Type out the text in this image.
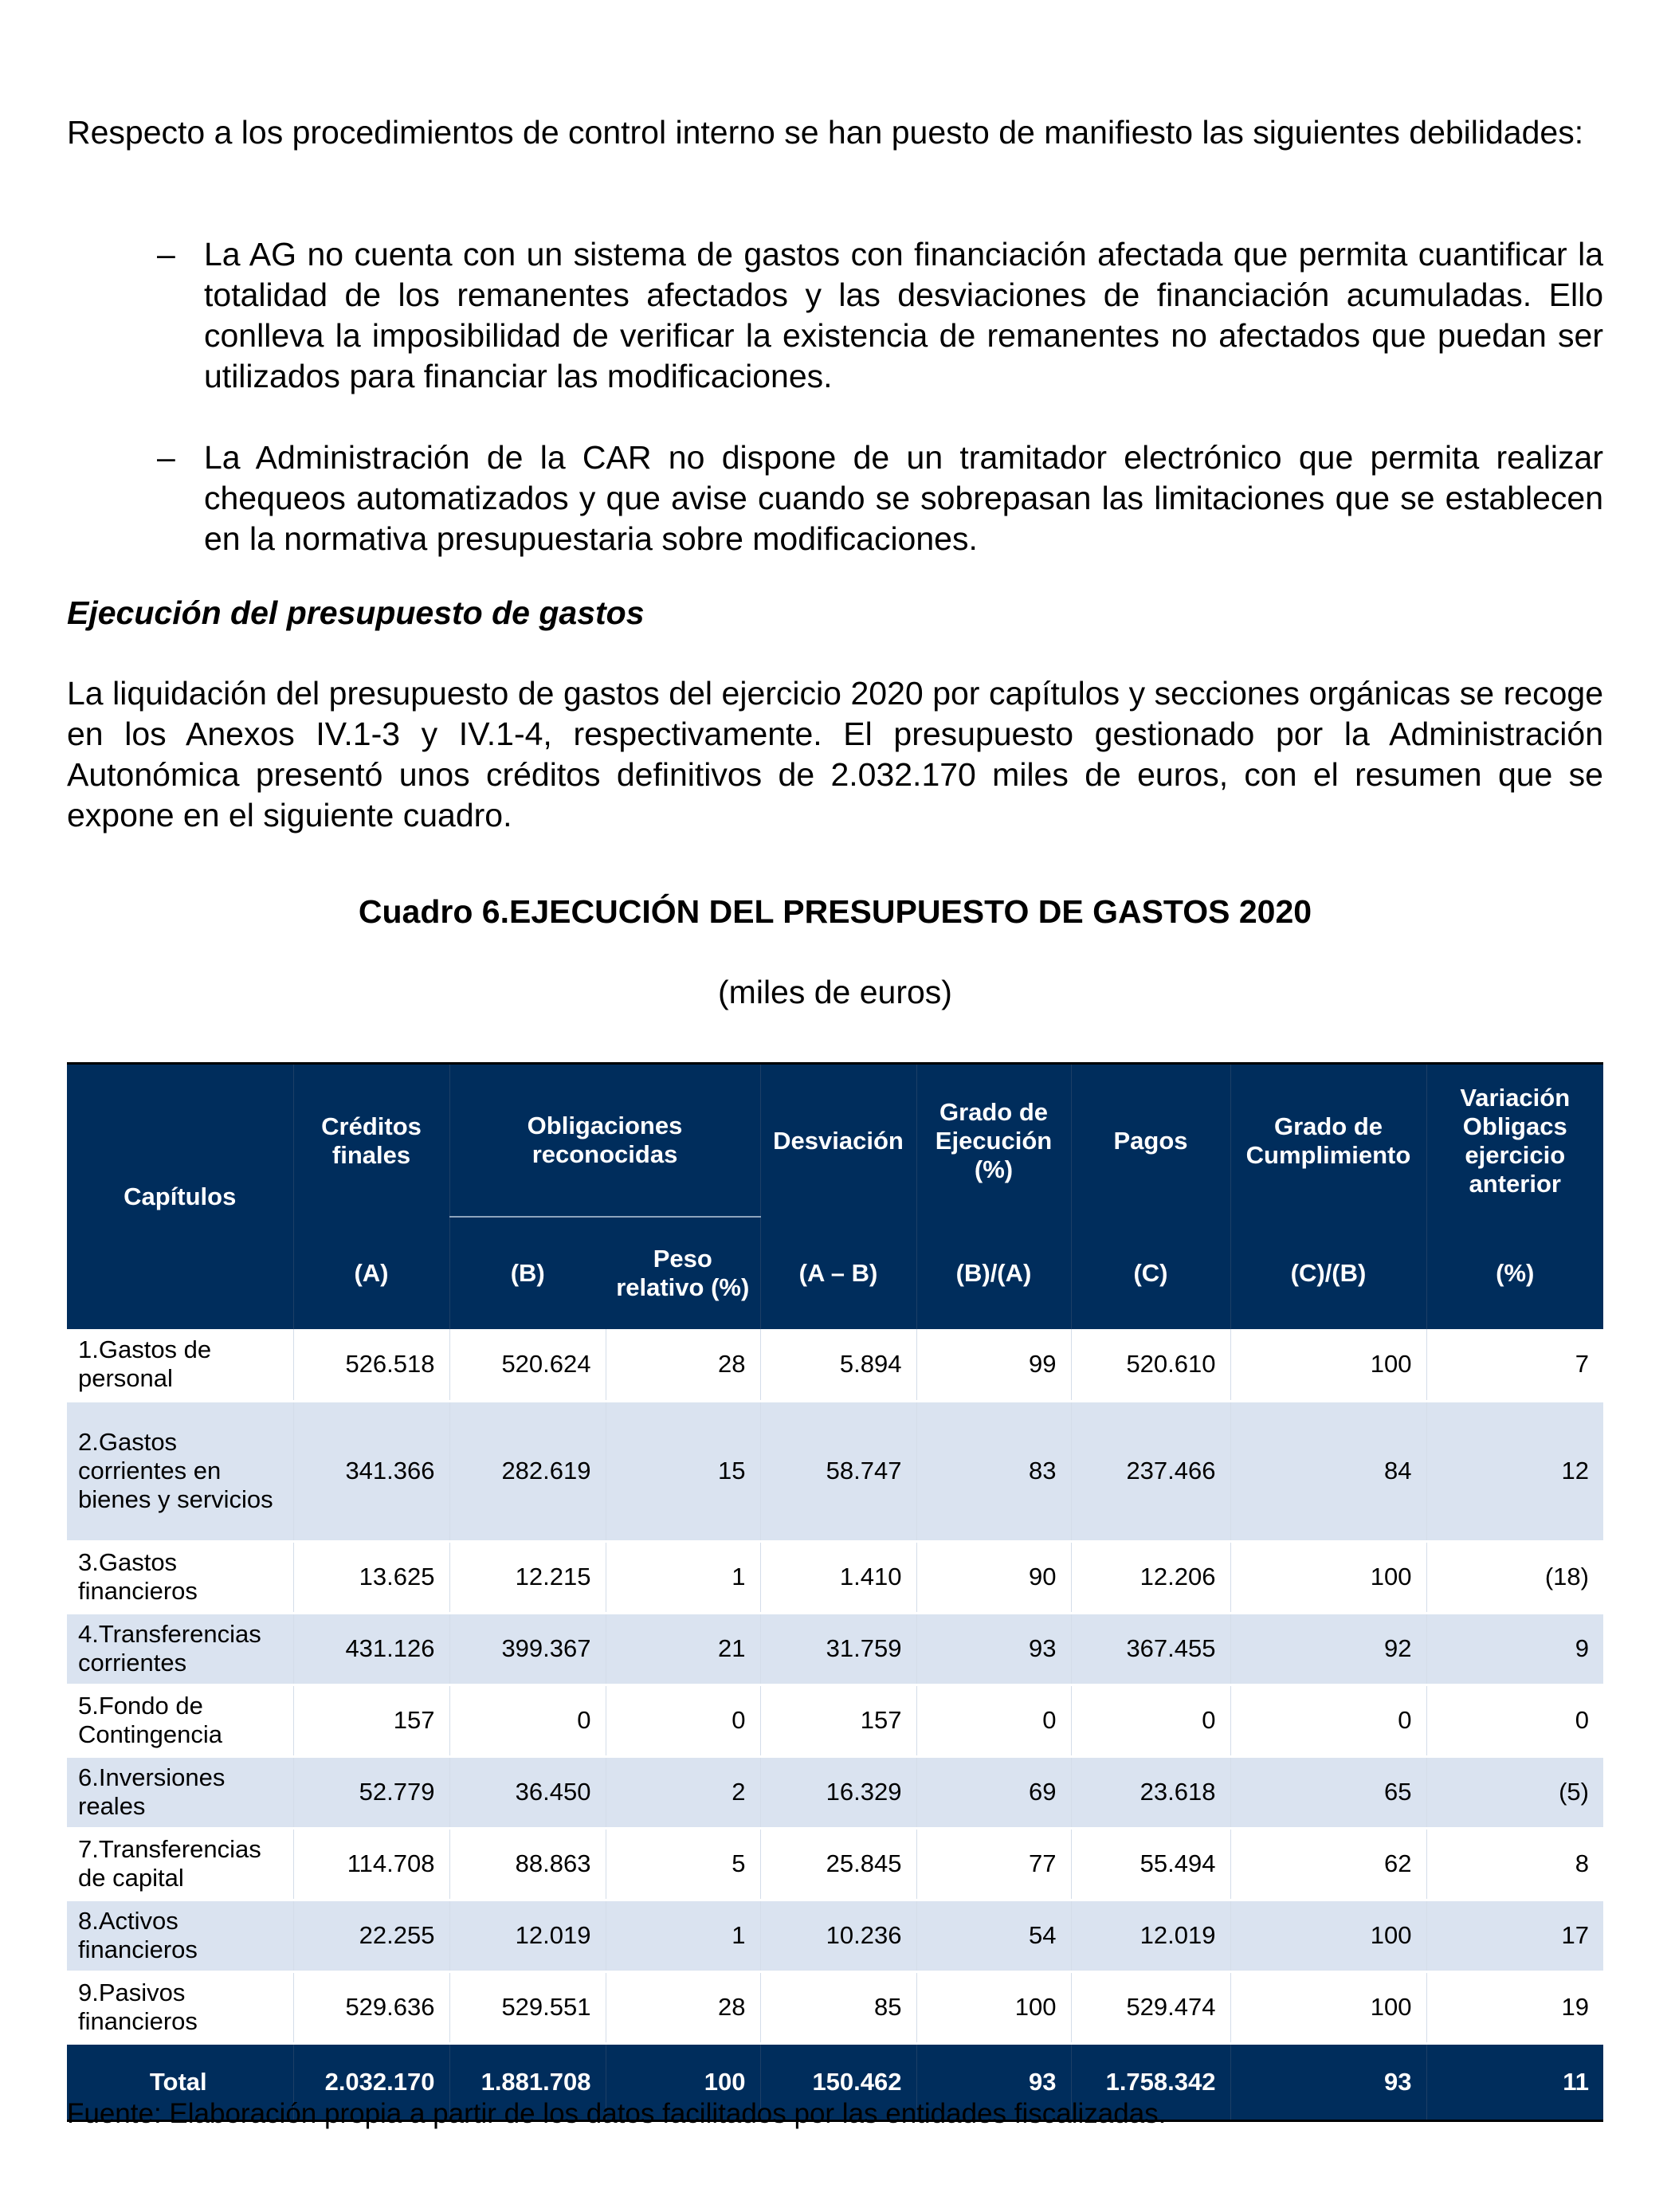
Respecto a los procedimientos de control interno se han puesto de manifiesto las siguientes debilidades:

– La AG no cuenta con un sistema de gastos con financiación afectada que permita cuantificar la totalidad de los remanentes afectados y las desviaciones de financiación acumuladas. Ello conlleva la imposibilidad de verificar la existencia de remanentes no afectados que puedan ser utilizados para financiar las modificaciones.

– La Administración de la CAR no dispone de un tramitador electrónico que permita realizar chequeos automatizados y que avise cuando se sobrepasan las limitaciones que se establecen en la normativa presupuestaria sobre modificaciones.

Ejecución del presupuesto de gastos

La liquidación del presupuesto de gastos del ejercicio 2020 por capítulos y secciones orgánicas se recoge en los Anexos IV.1-3 y IV.1-4, respectivamente. El presupuesto gestionado por la Administración Autonómica presentó unos créditos definitivos de 2.032.170 miles de euros, con el resumen que se expone en el siguiente cuadro.

Cuadro 6.EJECUCIÓN DEL PRESUPUESTO DE GASTOS 2020

(miles de euros)

Capítulos	Créditos finales	Obligaciones reconocidas		Desviación	Grado de Ejecución (%)	Pagos	Grado de Cumplimiento	Variación Obligacs ejercicio anterior
	(A)	(B)	Peso relativo (%)	(A – B)	(B)/(A)	(C)	(C)/(B)	(%)
1.Gastos de personal	526.518	520.624	28	5.894	99	520.610	100	7
2.Gastos corrientes en bienes y servicios	341.366	282.619	15	58.747	83	237.466	84	12
3.Gastos financieros	13.625	12.215	1	1.410	90	12.206	100	(18)
4.Transferencias corrientes	431.126	399.367	21	31.759	93	367.455	92	9
5.Fondo de Contingencia	157	0	0	157	0	0	0	0
6.Inversiones reales	52.779	36.450	2	16.329	69	23.618	65	(5)
7.Transferencias de capital	114.708	88.863	5	25.845	77	55.494	62	8
8.Activos financieros	22.255	12.019	1	10.236	54	12.019	100	17
9.Pasivos financieros	529.636	529.551	28	85	100	529.474	100	19
Total	2.032.170	1.881.708	100	150.462	93	1.758.342	93	11

Fuente: Elaboración propia a partir de los datos facilitados por las entidades fiscalizadas.
